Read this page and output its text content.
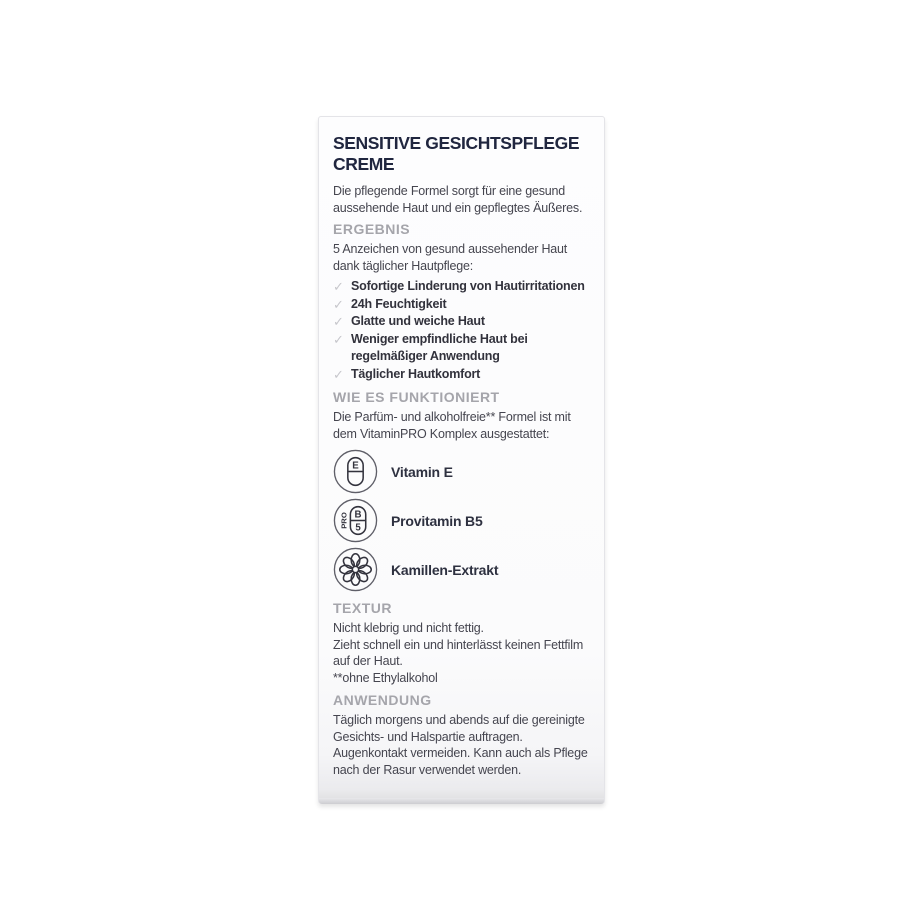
SENSITIVE GESICHTSPFLEGE CREME

Die pflegende Formel sorgt für eine gesund aussehende Haut und ein gepflegtes Äußeres.

ERGEBNIS

5 Anzeichen von gesund aussehender Haut dank täglicher Hautpflege:

✓ Sofortige Linderung von Hautirritationen
✓ 24h Feuchtigkeit
✓ Glatte und weiche Haut
✓ Weniger empfindliche Haut bei regelmäßiger Anwendung
✓ Täglicher Hautkomfort
WIE ES FUNKTIONIERT

Die Parfüm- und alkoholfreie** Formel ist mit dem VitaminPRO Komplex ausgestattet:

E Vitamin E
B
5
PRO	Provitamin B5
Kamillen-Extrakt
TEXTUR

Nicht klebrig und nicht fettig.

Zieht schnell ein und hinterlässt keinen Fettfilm auf der Haut.

**ohne Ethylalkohol

ANWENDUNG

Täglich morgens und abends auf die gereinigte Gesichts- und Halspartie auftragen. Augenkontakt vermeiden. Kann auch als Pflege nach der Rasur verwendet werden.
